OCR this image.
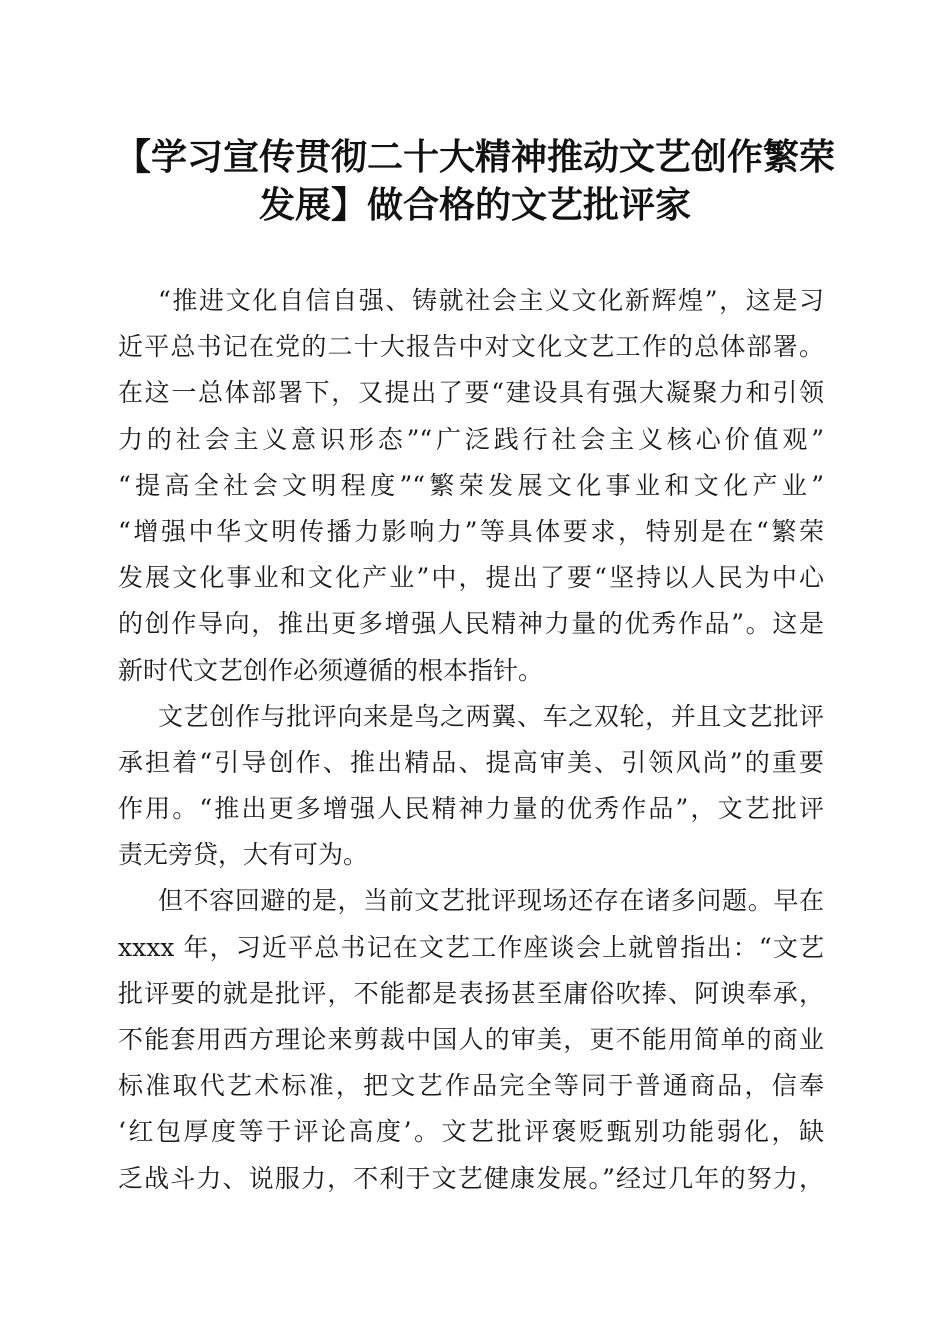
【学习宣传贯彻二十大精神推动文艺创作繁荣
发展】做合格的文艺批评家
“推进文化自信自强、铸就社会主义文化新辉煌”，这是习
近平总书记在党的二十大报告中对文化文艺工作的总体部署。
在这一总体部署下，又提出了要“建设具有强大凝聚力和引领
力的社会主义意识形态”“广泛践行社会主义核心价值观”
“提高全社会文明程度”“繁荣发展文化事业和文化产业”
“增强中华文明传播力影响力”等具体要求，特别是在“繁荣
发展文化事业和文化产业”中，提出了要“坚持以人民为中心
的创作导向，推出更多增强人民精神力量的优秀作品”。这是
新时代文艺创作必须遵循的根本指针。
文艺创作与批评向来是鸟之两翼、车之双轮，并且文艺批评
承担着“引导创作、推出精品、提高审美、引领风尚”的重要
作用。“推出更多增强人民精神力量的优秀作品”，文艺批评
责无旁贷，大有可为。
但不容回避的是，当前文艺批评现场还存在诸多问题。早在
xxxx 年，习近平总书记在文艺工作座谈会上就曾指出：“文艺
批评要的就是批评，不能都是表扬甚至庸俗吹捧、阿谀奉承，
不能套用西方理论来剪裁中国人的审美，更不能用简单的商业
标准取代艺术标准，把文艺作品完全等同于普通商品，信奉
‘红包厚度等于评论高度’。文艺批评褒贬甄别功能弱化，缺
乏战斗力、说服力，不利于文艺健康发展。”经过几年的努力，
